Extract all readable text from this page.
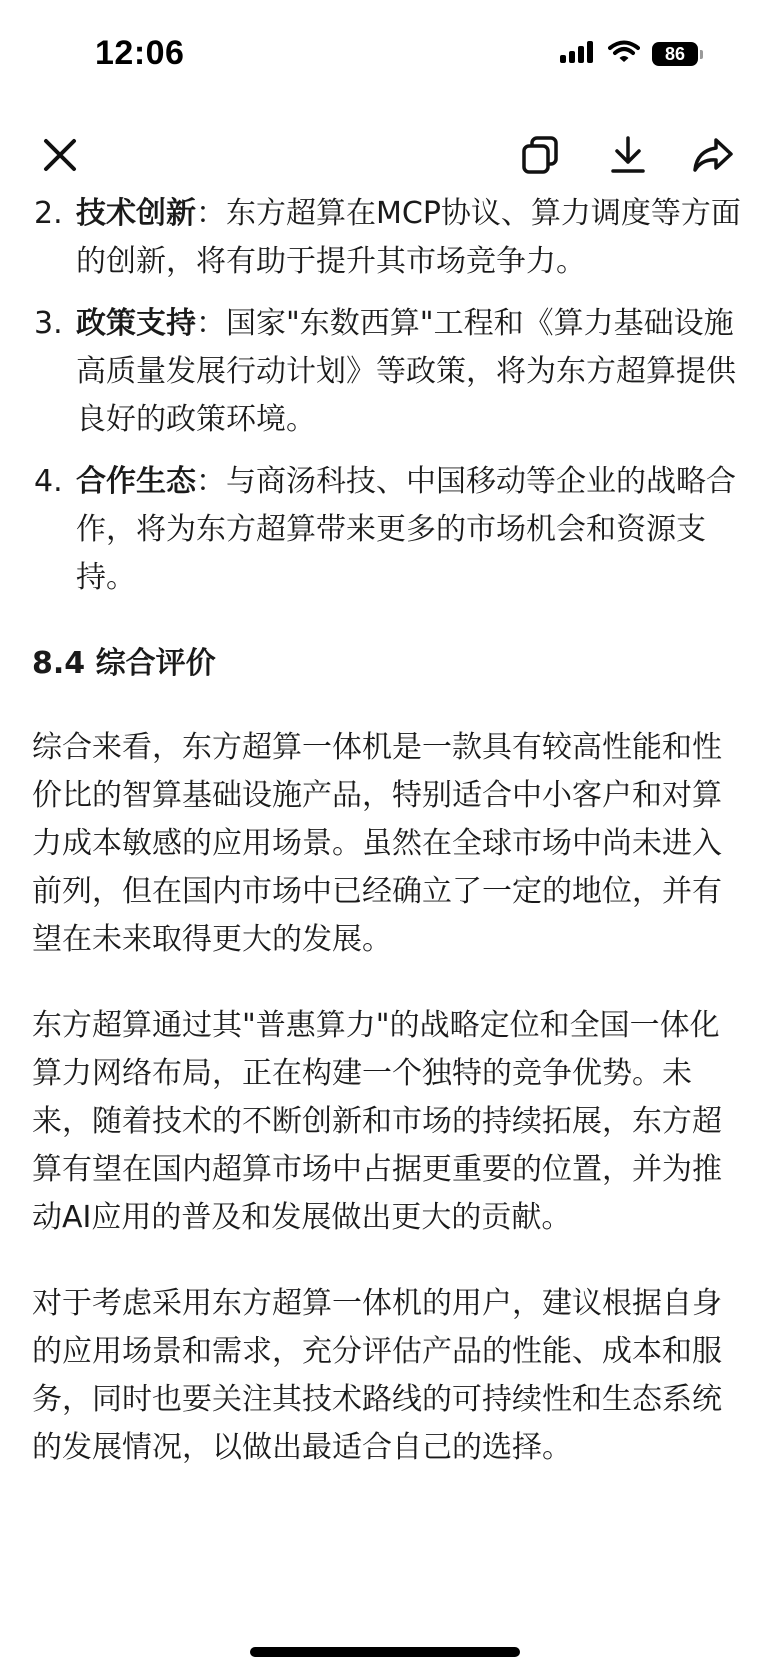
12:06	86
2. 技术创新：东方超算在MCP协议、算力调度等方面的创新，将有助于提升其市场竞争力。
3. 政策支持：国家"东数西算"工程和《算力基础设施高质量发展行动计划》等政策，将为东方超算提供良好的政策环境。
4. 合作生态：与商汤科技、中国移动等企业的战略合作，将为东方超算带来更多的市场机会和资源支持。
8.4 综合评价

综合来看，东方超算一体机是一款具有较高性能和性价比的智算基础设施产品，特别适合中小客户和对算力成本敏感的应用场景。虽然在全球市场中尚未进入前列，但在国内市场中已经确立了一定的地位，并有望在未来取得更大的发展。

东方超算通过其"普惠算力"的战略定位和全国一体化算力网络布局，正在构建一个独特的竞争优势。未来，随着技术的不断创新和市场的持续拓展，东方超算有望在国内超算市场中占据更重要的位置，并为推动AI应用的普及和发展做出更大的贡献。

对于考虑采用东方超算一体机的用户，建议根据自身的应用场景和需求，充分评估产品的性能、成本和服务，同时也要关注其技术路线的可持续性和生态系统的发展情况，以做出最适合自己的选择。
